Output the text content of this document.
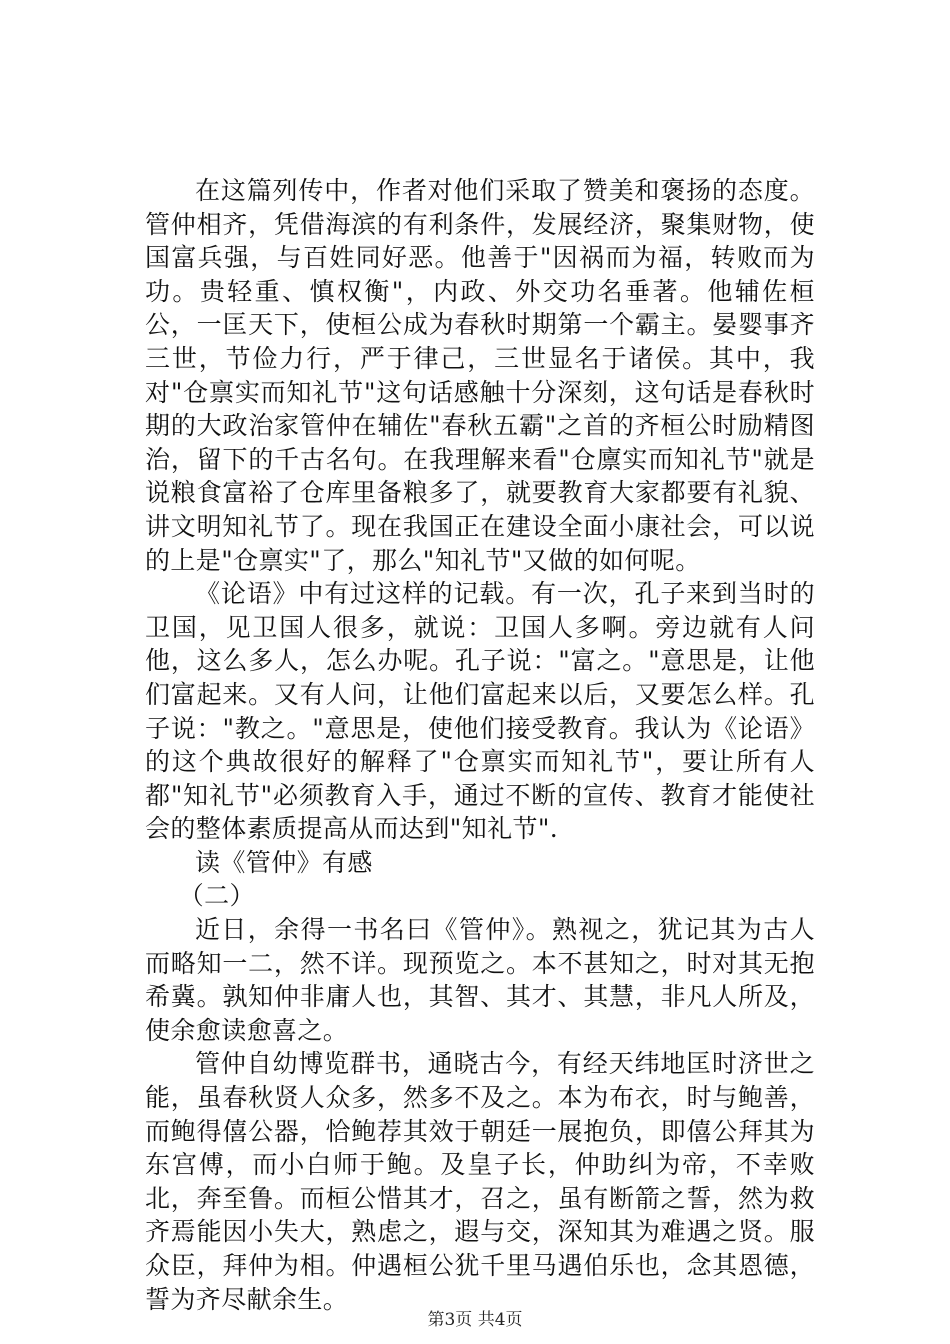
在这篇列传中，作者对他们采取了赞美和褒扬的态度。管仲相齐，凭借海滨的有利条件，发展经济，聚集财物，使国富兵强，与百姓同好恶。他善于"因祸而为福，转败而为功。贵轻重、慎权衡"，内政、外交功名垂著。他辅佐桓公，一匡天下，使桓公成为春秋时期第一个霸主。晏婴事齐三世，节俭力行，严于律己，三世显名于诸侯。其中，我对"仓禀实而知礼节"这句话感触十分深刻，这句话是春秋时期的大政治家管仲在辅佐"春秋五霸"之首的齐桓公时励精图治，留下的千古名句。在我理解来看"仓廪实而知礼节"就是说粮食富裕了仓库里备粮多了，就要教育大家都要有礼貌、讲文明知礼节了。现在我国正在建设全面小康社会，可以说的上是"仓禀实"了，那么"知礼节"又做的如何呢。

《论语》中有过这样的记载。有一次，孔子来到当时的卫国，见卫国人很多，就说：卫国人多啊。旁边就有人问他，这么多人，怎么办呢。孔子说："富之。"意思是，让他们富起来。又有人问，让他们富起来以后，又要怎么样。孔子说："教之。"意思是，使他们接受教育。我认为《论语》的这个典故很好的解释了"仓禀实而知礼节"，要让所有人都"知礼节"必须教育入手，通过不断的宣传、教育才能使社会的整体素质提高从而达到"知礼节".

读《管仲》有感

（二）

近日，余得一书名曰《管仲》。熟视之，犹记其为古人而略知一二，然不详。现预览之。本不甚知之，时对其无抱希冀。孰知仲非庸人也，其智、其才、其慧，非凡人所及，使余愈读愈喜之。

管仲自幼博览群书，通晓古今，有经天纬地匡时济世之能，虽春秋贤人众多，然多不及之。本为布衣，时与鲍善，而鲍得僖公器，恰鲍荐其效于朝廷一展抱负，即僖公拜其为东宫傅，而小白师于鲍。及皇子长，仲助纠为帝，不幸败北，奔至鲁。而桓公惜其才，召之，虽有断箭之誓，然为救齐焉能因小失大，熟虑之，遐与交，深知其为难遇之贤。服众臣，拜仲为相。仲遇桓公犹千里马遇伯乐也，念其恩德，誓为齐尽献余生。

第3页 共4页
